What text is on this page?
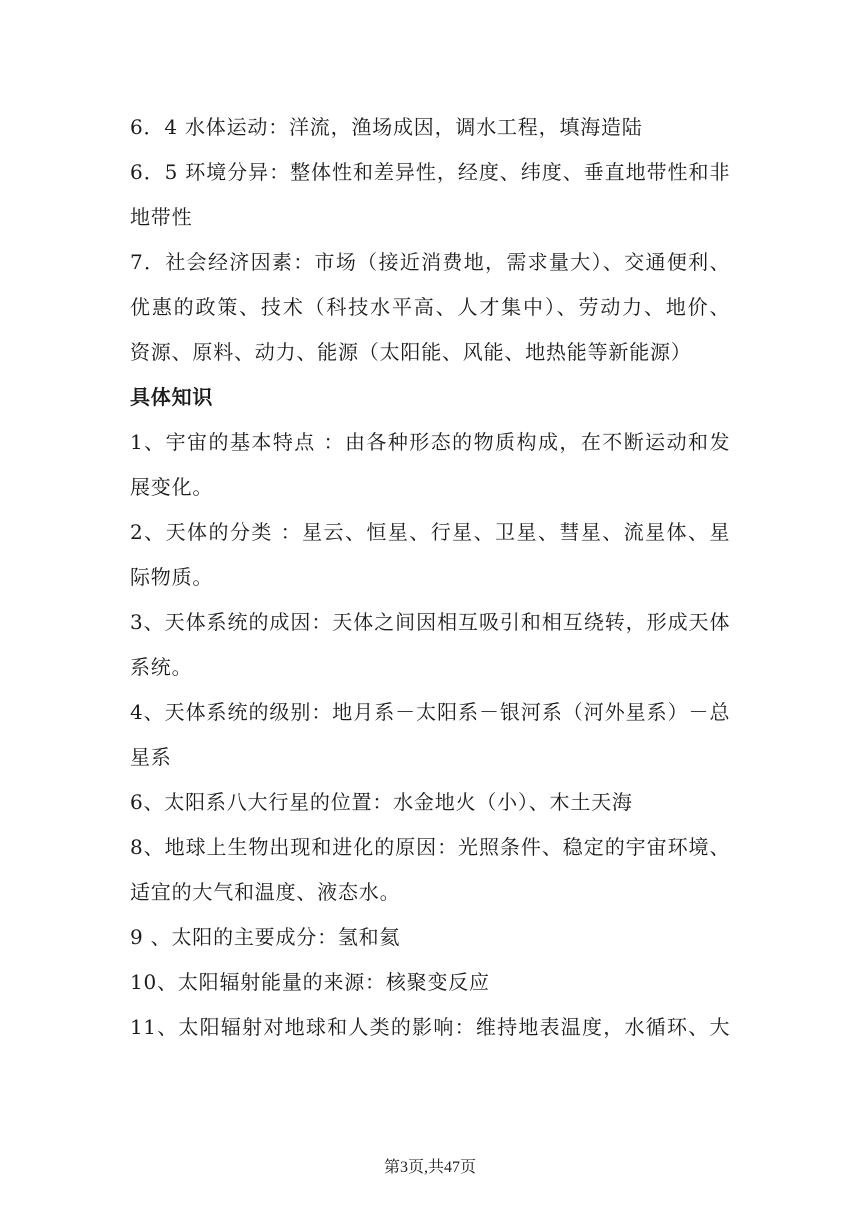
6．4 水体运动：洋流，渔场成因，调水工程，填海造陆
6．5 环境分异：整体性和差异性，经度、纬度、垂直地带性和非
地带性
7．社会经济因素：市场（接近消费地，需求量大）、交通便利、
优惠的政策、技术（科技水平高、人才集中）、劳动力、地价、
资源、原料、动力、能源（太阳能、风能、地热能等新能源）
具体知识
1、宇宙的基本特点 ：由各种形态的物质构成，在不断运动和发
展变化。
2、天体的分类 ：星云、恒星、行星、卫星、彗星、流星体、星
际物质。
3、天体系统的成因：天体之间因相互吸引和相互绕转，形成天体
系统。
4、天体系统的级别：地月系－太阳系－银河系（河外星系）－总
星系
6、太阳系八大行星的位置：水金地火（小）、木土天海
8、地球上生物出现和进化的原因：光照条件、稳定的宇宙环境、
适宜的大气和温度、液态水。
9 、太阳的主要成分：氢和氦
10、太阳辐射能量的来源：核聚变反应
11、太阳辐射对地球和人类的影响：维持地表温度，水循环、大
第3页,共47页
